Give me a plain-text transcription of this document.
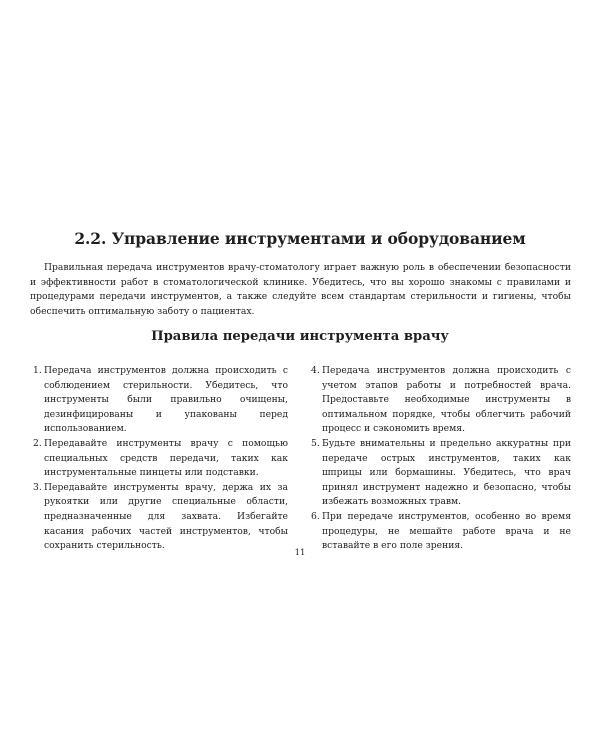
2.2. Управление инструментами и оборудованием

Правильная передача инструментов врачу-стоматологу играет важную роль в обеспечении безопасности и эффективности работ в стоматологической клинике. Убедитесь, что вы хорошо знакомы с правилами и процедурами передачи инструментов, а также следуйте всем стандартам стерильности и гигиены, чтобы обеспечить оптимальную заботу о пациентах.

Правила передачи инструмента врачу
1. Передача инструментов должна происходить с соблюдением стерильности. Убедитесь, что инструменты были правильно очищены, дезинфицированы и упакованы перед использованием.
2. Передавайте инструменты врачу с помощью специальных средств передачи, таких как инструментальные пинцеты или подставки.
3. Передавайте инструменты врачу, держа их за рукоятки или другие специальные области, предназначенные для захвата. Избегайте касания рабочих частей инструментов, чтобы сохранить стерильность.
4. Передача инструментов должна происходить с учетом этапов работы и потребностей врача. Предоставьте необходимые инструменты в оптимальном порядке, чтобы облегчить рабочий процесс и сэкономить время.
5. Будьте внимательны и предельно аккуратны при передаче острых инструментов, таких как шприцы или бормашины. Убедитесь, что врач принял инструмент надежно и безопасно, чтобы избежать возможных травм.
6. При передаче инструментов, особенно во время процедуры, не мешайте работе врача и не вставайте в его поле зрения.
11
